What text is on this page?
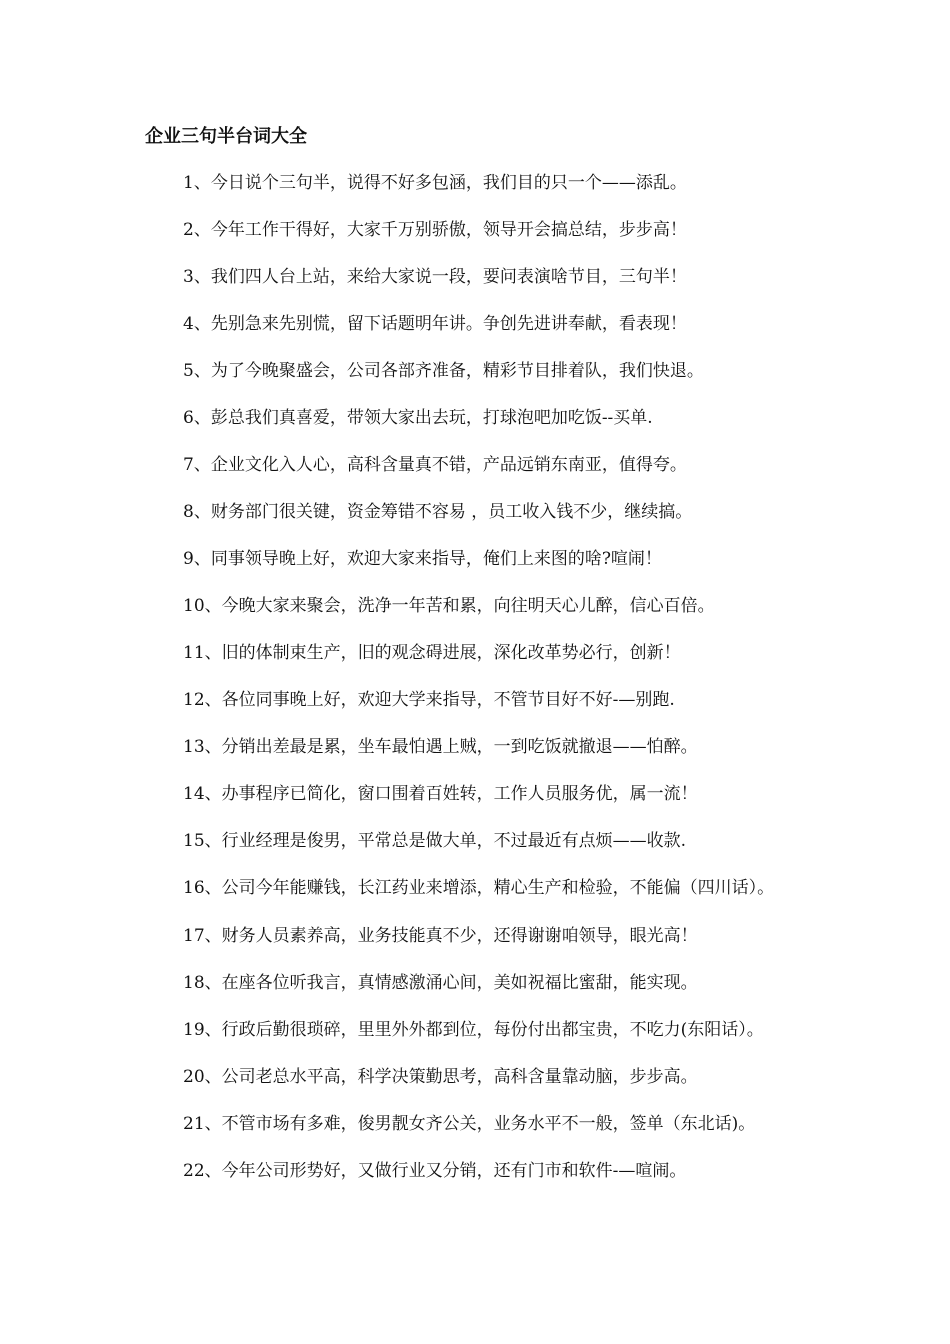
企业三句半台词大全

1、今日说个三句半，说得不好多包涵，我们目的只一个——添乱。

2、今年工作干得好，大家千万别骄傲，领导开会搞总结，步步高！

3、我们四人台上站，来给大家说一段，要问表演啥节目，三句半！

4、先别急来先别慌，留下话题明年讲。争创先进讲奉献，看表现！

5、为了今晚聚盛会，公司各部齐准备，精彩节目排着队，我们快退。

6、彭总我们真喜爱，带领大家出去玩，打球泡吧加吃饭--买单.

7、企业文化入人心，高科含量真不错，产品远销东南亚，值得夸。

8、财务部门很关键，资金筹错不容易 ，员工收入钱不少，继续搞。

9、同事领导晚上好，欢迎大家来指导，俺们上来图的啥?喧闹！

10、今晚大家来聚会，洗净一年苦和累，向往明天心儿醉，信心百倍。

11、旧的体制束生产，旧的观念碍进展，深化改革势必行，创新！

12、各位同事晚上好，欢迎大学来指导，不管节目好不好-—别跑.

13、分销出差最是累，坐车最怕遇上贼，一到吃饭就撤退——怕醉。

14、办事程序已简化，窗口围着百姓转，工作人员服务优，属一流！

15、行业经理是俊男，平常总是做大单，不过最近有点烦——收款.

16、公司今年能赚钱，长江药业来增添，精心生产和检验，不能偏（四川话）。

17、财务人员素养高，业务技能真不少，还得谢谢咱领导，眼光高！

18、在座各位听我言，真情感激涌心间，美如祝福比蜜甜，能实现。

19、行政后勤很琐碎，里里外外都到位，每份付出都宝贵，不吃力(东阳话）。

20、公司老总水平高，科学决策勤思考，高科含量靠动脑，步步高。

21、不管市场有多难，俊男靓女齐公关，业务水平不一般，签单（东北话)。

22、今年公司形势好，又做行业又分销，还有门市和软件-—喧闹。
